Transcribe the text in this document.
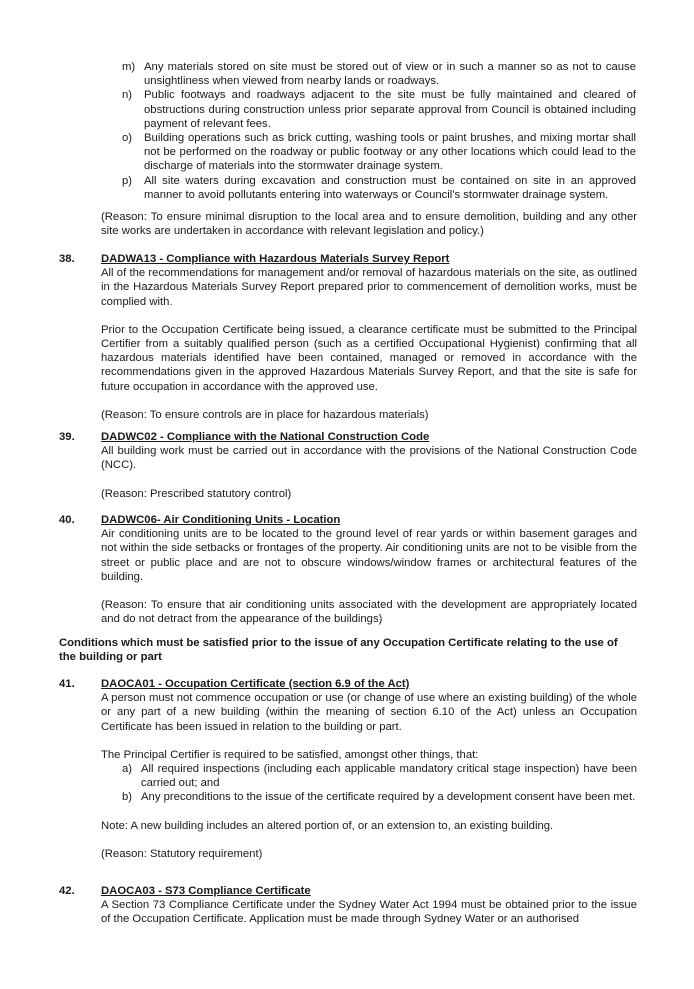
m) Any materials stored on site must be stored out of view or in such a manner so as not to cause unsightliness when viewed from nearby lands or roadways.

n) Public footways and roadways adjacent to the site must be fully maintained and cleared of obstructions during construction unless prior separate approval from Council is obtained including payment of relevant fees.

o) Building operations such as brick cutting, washing tools or paint brushes, and mixing mortar shall not be performed on the roadway or public footway or any other locations which could lead to the discharge of materials into the stormwater drainage system.

p) All site waters during excavation and construction must be contained on site in an approved manner to avoid pollutants entering into waterways or Council's stormwater drainage system.

(Reason: To ensure minimal disruption to the local area and to ensure demolition, building and any other site works are undertaken in accordance with relevant legislation and policy.)

38. DADWA13 - Compliance with Hazardous Materials Survey Report

All of the recommendations for management and/or removal of hazardous materials on the site, as outlined in the Hazardous Materials Survey Report prepared prior to commencement of demolition works, must be complied with.

Prior to the Occupation Certificate being issued, a clearance certificate must be submitted to the Principal Certifier from a suitably qualified person (such as a certified Occupational Hygienist) confirming that all hazardous materials identified have been contained, managed or removed in accordance with the recommendations given in the approved Hazardous Materials Survey Report, and that the site is safe for future occupation in accordance with the approved use.

(Reason: To ensure controls are in place for hazardous materials)

39. DADWC02 - Compliance with the National Construction Code

All building work must be carried out in accordance with the provisions of the National Construction Code (NCC).

(Reason: Prescribed statutory control)

40. DADWC06- Air Conditioning Units - Location

Air conditioning units are to be located to the ground level of rear yards or within basement garages and not within the side setbacks or frontages of the property. Air conditioning units are not to be visible from the street or public place and are not to obscure windows/window frames or architectural features of the building.

(Reason: To ensure that air conditioning units associated with the development are appropriately located and do not detract from the appearance of the buildings)

Conditions which must be satisfied prior to the issue of any Occupation Certificate relating to the use of the building or part

41. DAOCA01 - Occupation Certificate (section 6.9 of the Act)

A person must not commence occupation or use (or change of use where an existing building) of the whole or any part of a new building (within the meaning of section 6.10 of the Act) unless an Occupation Certificate has been issued in relation to the building or part.

The Principal Certifier is required to be satisfied, amongst other things, that:

a) All required inspections (including each applicable mandatory critical stage inspection) have been carried out; and

b) Any preconditions to the issue of the certificate required by a development consent have been met.

Note: A new building includes an altered portion of, or an extension to, an existing building.

(Reason: Statutory requirement)

42. DAOCA03 - S73 Compliance Certificate

A Section 73 Compliance Certificate under the Sydney Water Act 1994 must be obtained prior to the issue of the Occupation Certificate. Application must be made through Sydney Water or an authorised
